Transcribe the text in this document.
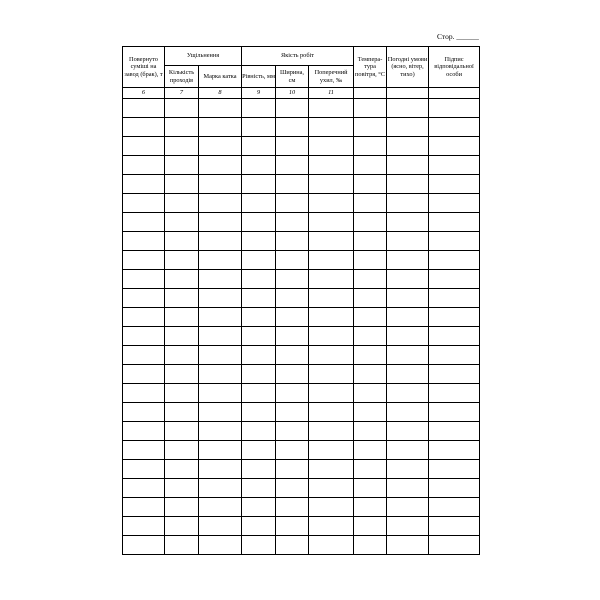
Стор. ______
Повернуто суміші на завод (брак), т	Ущільнення		Якість робіт			Температура повітря, °С	Погодні умови (ясно, вітер, тихо)	Підпис відповідальної особи
	Кількість проходів	Марка катка	Рівність, мм	Ширина, см	Поперечний ухил, ‰			
6	7	8	9	10	11			
